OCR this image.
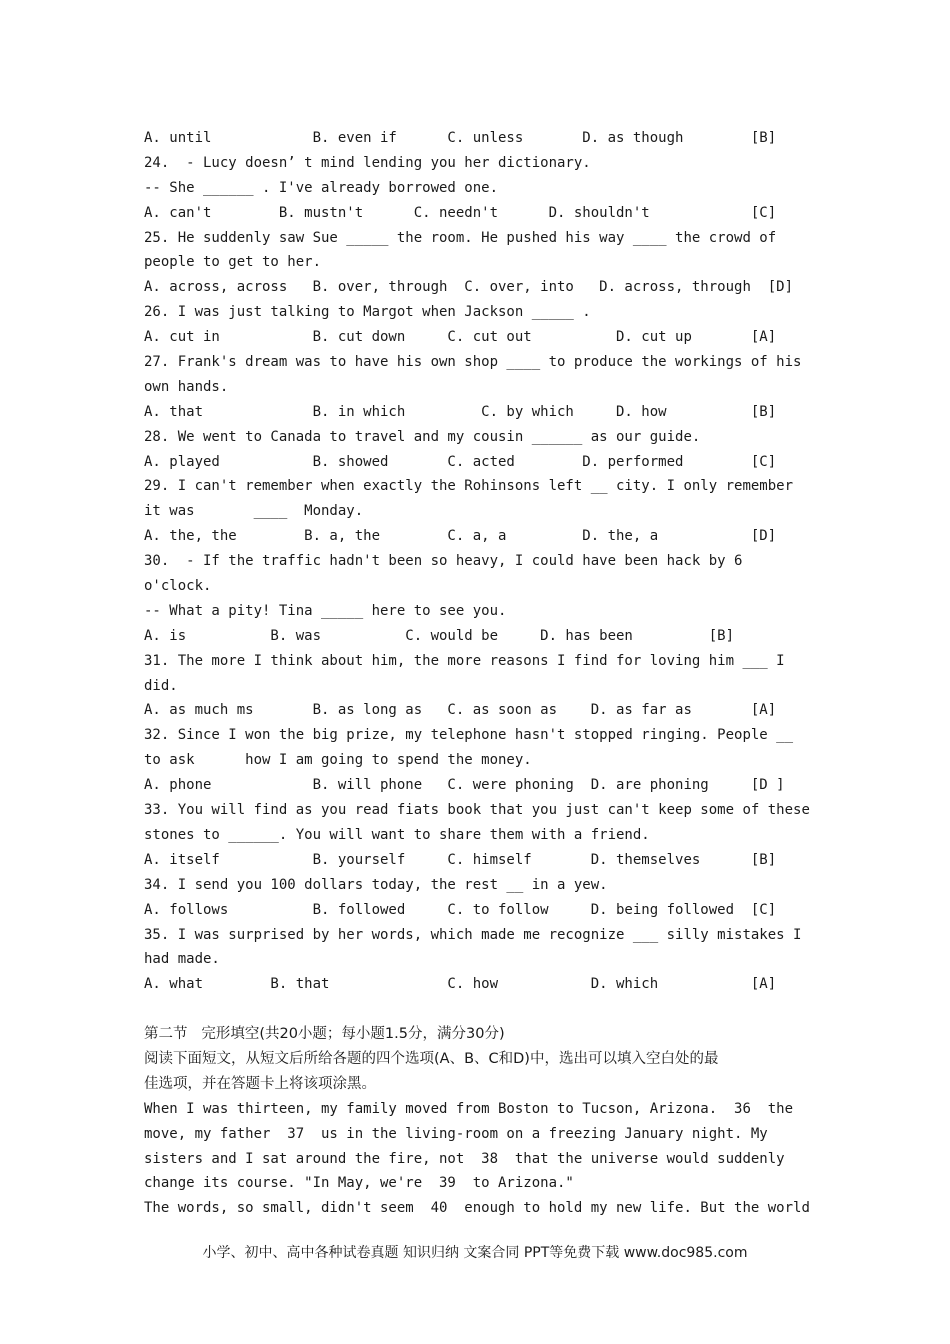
A. until            B. even if      C. unless       D. as though        [B]
24.  - Lucy doesn’ t mind lending you her dictionary.
-- She ______ . I've already borrowed one.
A. can't        B. mustn't      C. needn't      D. shouldn't            [C]
25. He suddenly saw Sue _____ the room. He pushed his way ____ the crowd of
people to get to her.
A. across, across   B. over, through  C. over, into   D. across, through  [D]
26. I was just talking to Margot when Jackson _____ .
A. cut in           B. cut down     C. cut out          D. cut up       [A]
27. Frank's dream was to have his own shop ____ to produce the workings of his
own hands.
A. that             B. in which         C. by which     D. how          [B]
28. We went to Canada to travel and my cousin ______ as our guide.
A. played           B. showed       C. acted        D. performed        [C]
29. I can't remember when exactly the Rohinsons left __ city. I only remember
it was       ____  Monday.
A. the, the        B. a, the        C. a, a         D. the, a           [D]
30.  - If the traffic hadn't been so heavy, I could have been hack by 6
o'clock.
-- What a pity! Tina _____ here to see you.
A. is          B. was          C. would be     D. has been         [B]
31. The more I think about him, the more reasons I find for loving him ___ I
did.
A. as much ms       B. as long as   C. as soon as    D. as far as       [A]
32. Since I won the big prize, my telephone hasn't stopped ringing. People __
to ask      how I am going to spend the money.
A. phone            B. will phone   C. were phoning  D. are phoning     [D ]
33. You will find as you read fiats book that you just can't keep some of these
stones to ______. You will want to share them with a friend.
A. itself           B. yourself     C. himself       D. themselves      [B]
34. I send you 100 dollars today, the rest __ in a yew.
A. follows          B. followed     C. to follow     D. being followed  [C]
35. I was surprised by her words, which made me recognize ___ silly mistakes I
had made.
A. what        B. that              C. how           D. which           [A]
第二节   完形填空(共20小题；每小题1.5分，满分30分)
阅读下面短文，从短文后所给各题的四个选项(A、B、C和D)中，选出可以填入空白处的最
佳选项，并在答题卡上将该项涂黑。
When I was thirteen, my family moved from Boston to Tucson, Arizona.  36  the
move, my father  37  us in the living-room on a freezing January night. My
sisters and I sat around the fire, not  38  that the universe would suddenly
change its course. "In May, we're  39  to Arizona."
The words, so small, didn't seem  40  enough to hold my new life. But the world
小学、初中、高中各种试卷真题 知识归纳 文案合同 PPT等免费下载 www.doc985.com
